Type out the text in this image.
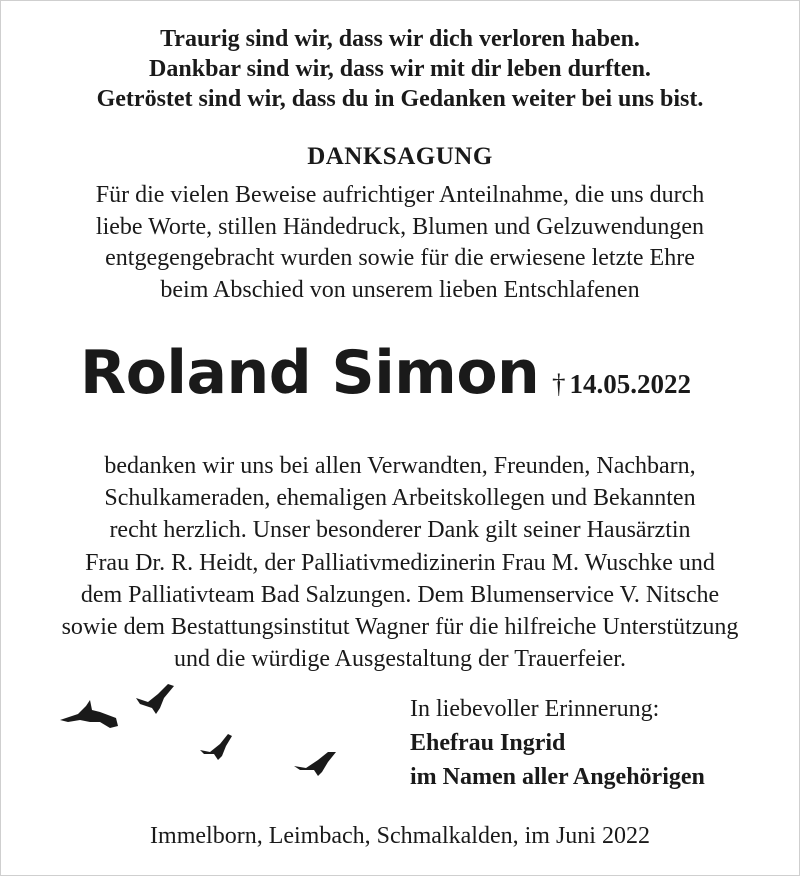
Traurig sind wir, dass wir dich verloren haben.
Dankbar sind wir, dass wir mit dir leben durften.
Getröstet sind wir, dass du in Gedanken weiter bei uns bist.
DANKSAGUNG
Für die vielen Beweise aufrichtiger Anteilnahme, die uns durch
liebe Worte, stillen Händedruck, Blumen und Gelzuwendungen
entgegengebracht wurden sowie für die erwiesene letzte Ehre
beim Abschied von unserem lieben Entschlafenen
Roland Simon † 14.05.2022
bedanken wir uns bei allen Verwandten, Freunden, Nachbarn,
Schulkameraden, ehemaligen Arbeitskollegen und Bekannten
recht herzlich. Unser besonderer Dank gilt seiner Hausärztin
Frau Dr. R. Heidt, der Palliativmedizinerin Frau M. Wuschke und
dem Palliativteam Bad Salzungen. Dem Blumenservice V. Nitsche
sowie dem Bestattungsinstitut Wagner für die hilfreiche Unterstützung
und die würdige Ausgestaltung der Trauerfeier.
In liebevoller Erinnerung:
Ehefrau Ingrid
im Namen aller Angehörigen
Immelborn, Leimbach, Schmalkalden, im Juni 2022
